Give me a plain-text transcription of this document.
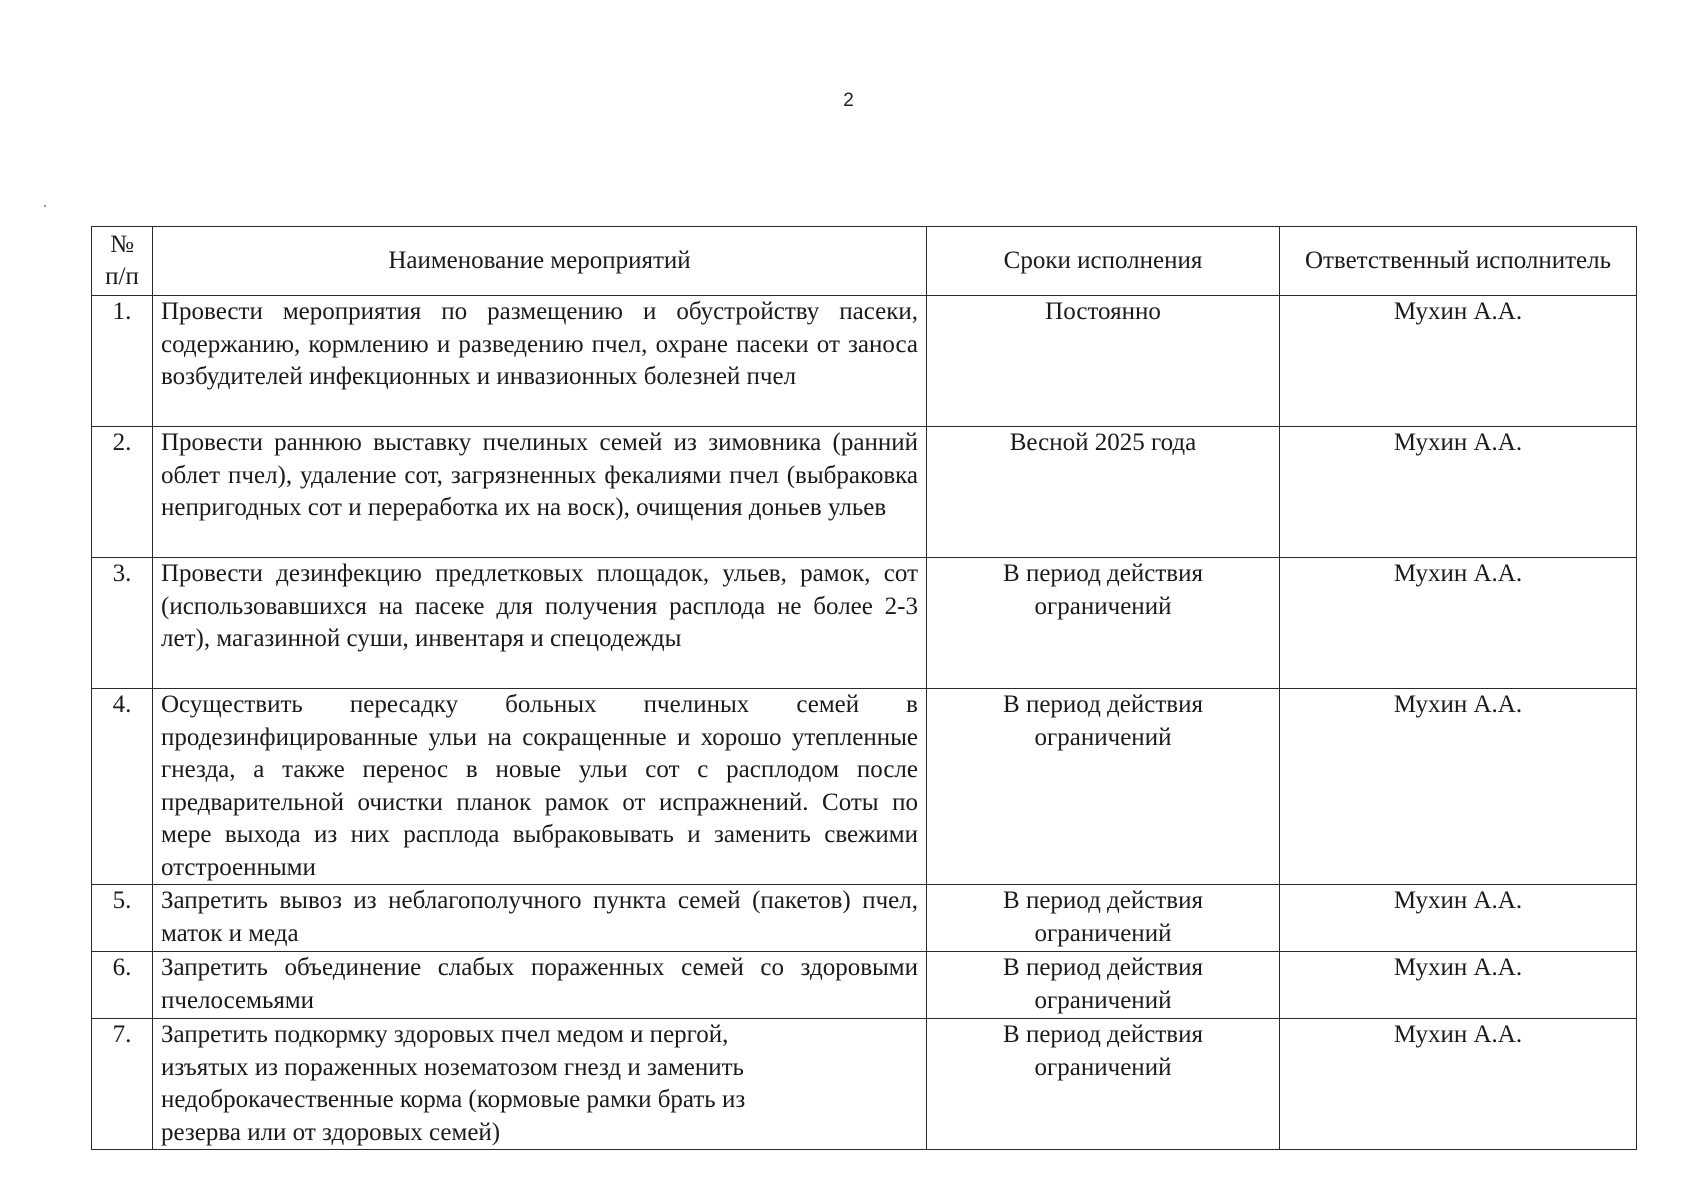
2
№ п/п	Наименование мероприятий	Сроки исполнения	Ответственный исполнитель
1.	Провести мероприятия по размещению и обустройству пасеки, содержанию, кормлению и разведению пчел, охране пасеки от заноса возбудителей инфекционных и инвазионных болезней пчел	Постоянно	Мухин А.А.
2.	Провести раннюю выставку пчелиных семей из зимовника (ранний облет пчел), удаление сот, загрязненных фекалиями пчел (выбраковка непригодных сот и переработка их на воск), очищения доньев ульев	Весной 2025 года	Мухин А.А.
3.	Провести дезинфекцию предлетковых площадок, ульев, рамок, сот (использовавшихся на пасеке для получения расплода не более 2-3 лет), магазинной суши, инвентаря и спецодежды	В период действия ограничений	Мухин А.А.
4.	Осуществить пересадку больных пчелиных семей в продезинфицированные ульи на сокращенные и хорошо утепленные гнезда, а также перенос в новые ульи сот с расплодом после предварительной очистки планок рамок от испражнений. Соты по мере выхода из них расплода выбраковывать и заменить свежими отстроенными	В период действия ограничений	Мухин А.А.
5.	Запретить вывоз из неблагополучного пункта семей (пакетов) пчел, маток и меда	В период действия ограничений	Мухин А.А.
6.	Запретить объединение слабых пораженных семей со здоровыми пчелосемьями	В период действия ограничений	Мухин А.А.
7.	Запретить подкормку здоровых пчел медом и пергой,
изъятых из пораженных нозематозом гнезд и заменить
недоброкачественные корма (кормовые рамки брать из
резерва или от здоровых семей)	В период действия ограничений	Мухин А.А.
